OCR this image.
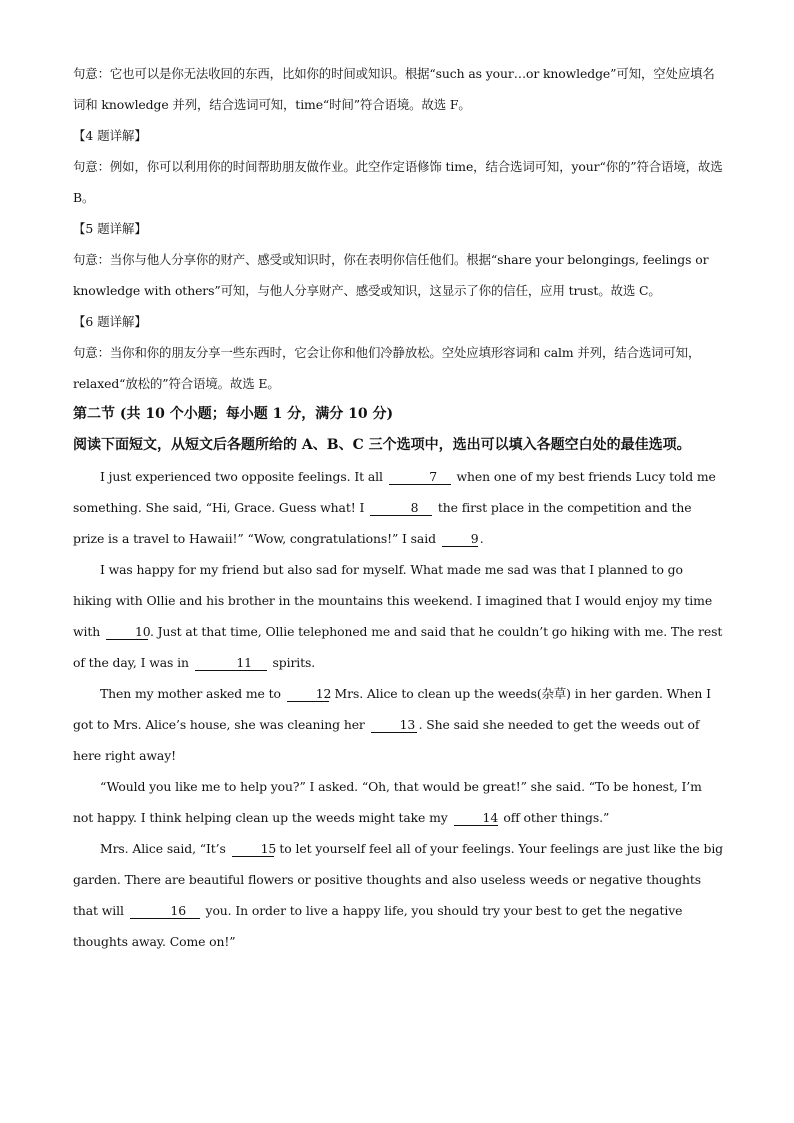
句意：它也可以是你无法收回的东西，比如你的时间或知识。根据“such as your…or knowledge”可知，空处应填名词和 knowledge 并列，结合选词可知，time“时间”符合语境。故选 F。

【4 题详解】

句意：例如，你可以利用你的时间帮助朋友做作业。此空作定语修饰 time，结合选词可知，your“你的”符合语境，故选 B。

【5 题详解】

句意：当你与他人分享你的财产、感受或知识时，你在表明你信任他们。根据“share your belongings, feelings or knowledge with others”可知，与他人分享财产、感受或知识，这显示了你的信任，应用 trust。故选 C。

【6 题详解】

句意：当你和你的朋友分享一些东西时，它会让你和他们冷静放松。空处应填形容词和 calm 并列，结合选词可知，relaxed“放松的”符合语境。故选 E。

第二节 (共 10 个小题；每小题 1 分，满分 10 分)

阅读下面短文，从短文后各题所给的 A、B、C 三个选项中，选出可以填入各题空白处的最佳选项。

I just experienced two opposite feelings. It all	7 when one of my best friends Lucy told me something. She said, “Hi, Grace. Guess what! I	8 the first place in the competition and the prize is a travel to Hawaii!” “Wow, congratulations!” I said	9.

I was happy for my friend but also sad for myself. What made me sad was that I planned to go hiking with Ollie and his brother in the mountains this weekend. I imagined that I would enjoy my time with	10. Just at that time, Ollie telephoned me and said that he couldn’t go hiking with me. The rest of the day, I was in	11 spirits.

Then my mother asked me to	12 Mrs. Alice to clean up the weeds(杂草) in her garden. When I got to Mrs. Alice’s house, she was cleaning her	13 . She said she needed to get the weeds out of here right away!

“Would you like me to help you?” I asked. “Oh, that would be great!” she said. “To be honest, I’m not happy. I think helping clean up the weeds might take my	14 off other things.”

Mrs. Alice said, “It’s	15 to let yourself feel all of your feelings. Your feelings are just like the big garden. There are beautiful flowers or positive thoughts and also useless weeds or negative thoughts that will	16 you. In order to live a happy life, you should try your best to get the negative thoughts away. Come on!”
